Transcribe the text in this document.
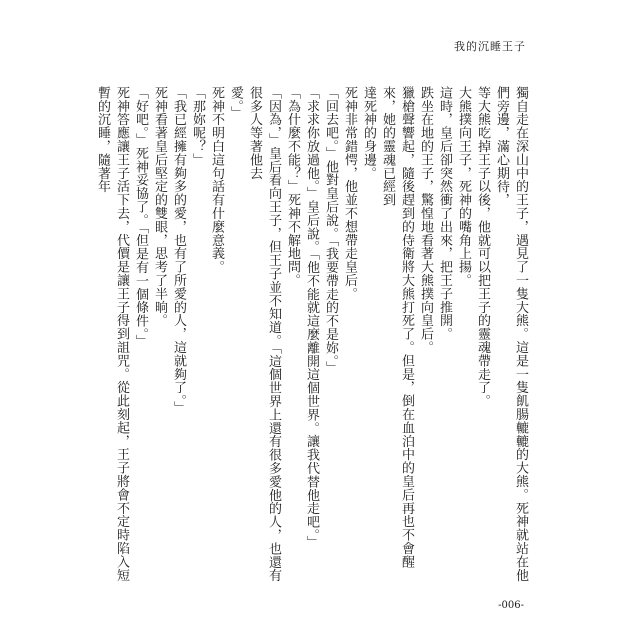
我的沉睡王子

獨自走在深山中的王子，遇見了一隻大熊。這是一隻飢腸轆轆的大熊。死神就站在他們旁邊，滿心期待，

等大熊吃掉王子以後，他就可以把王子的靈魂帶走了。

大熊撲向王子，死神的嘴角上揚。

這時，皇后卻突然衝了出來，把王子推開。

跌坐在地的王子，驚惶地看著大熊撲向皇后。

獵槍聲響起，隨後趕到的侍衛將大熊打死了。但是，倒在血泊中的皇后再也不會醒來，她的靈魂已經到

達死神的身邊。

死神非常錯愕，他並不想帶走皇后。

「回去吧。」他對皇后說。「我要帶走的不是妳。」

「求求你放過他。」皇后說。「他不能就這麼離開這個世界。讓我代替他走吧。」

「為什麼不能？」死神不解地問。

「因為，」皇后看向王子，但王子並不知道。「這個世界上還有很多愛他的人，也還有很多人等著他去

愛。」

死神不明白這句話有什麼意義。

「那妳呢？」

「我已經擁有夠多的愛，也有了所愛的人，這就夠了。」

死神看著皇后堅定的雙眼，思考了半晌。

「好吧。」死神妥協了。「但是有一個條件。」

死神答應讓王子活下去，代價是讓王子得到詛咒。從此刻起，王子將會不定時陷入短暫的沉睡，隨著年

-006-
